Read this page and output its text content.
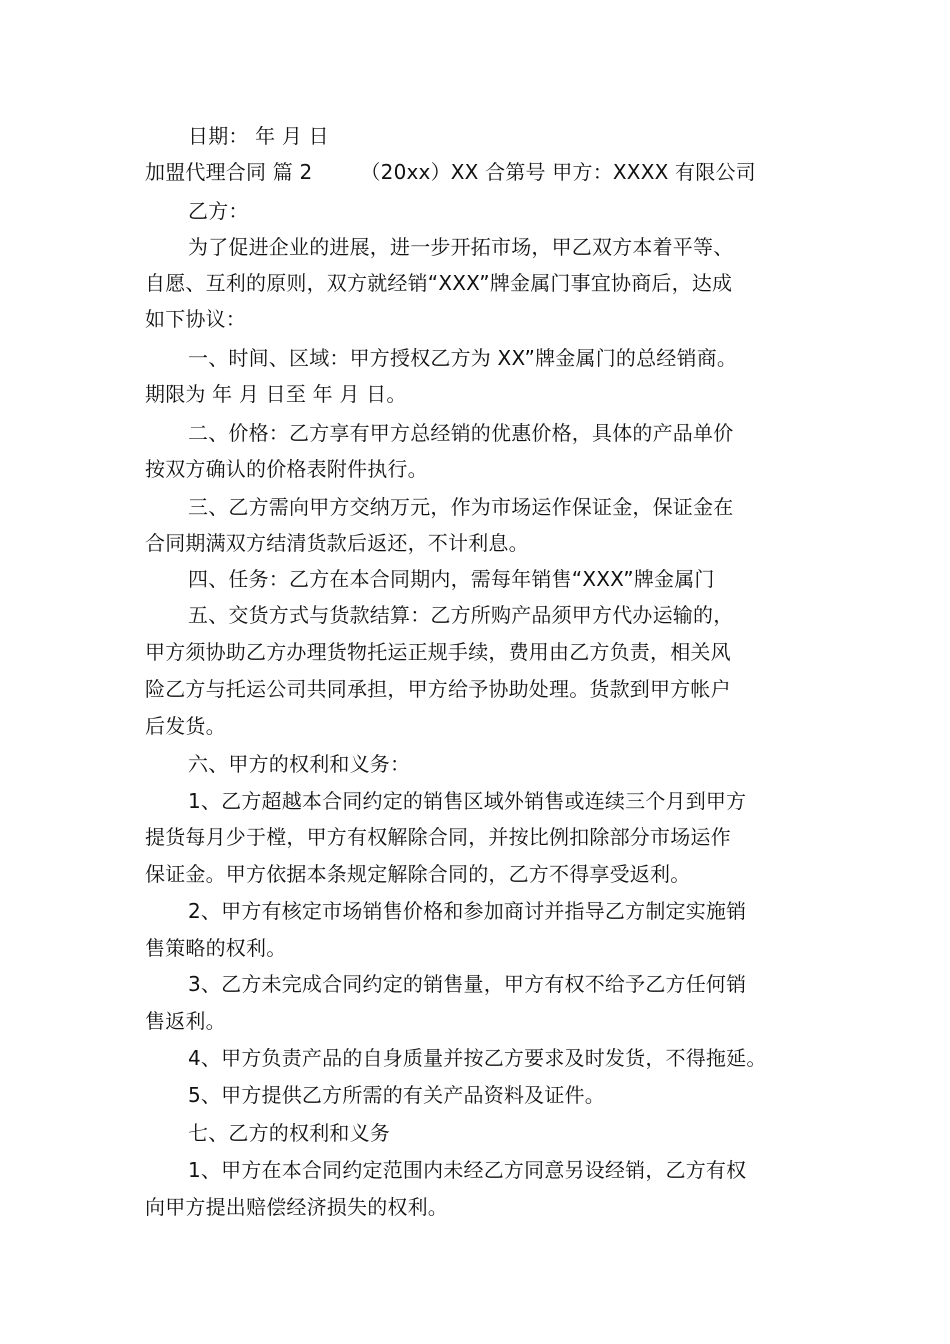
日期： 年 月 日
加盟代理合同 篇 2 （20xx）XX 合第号 甲方：XXXX 有限公司
乙方：
为了促进企业的进展，进一步开拓市场，甲乙双方本着平等、
自愿、互利的原则，双方就经销“XXX”牌金属门事宜协商后，达成
如下协议：
一、时间、区域：甲方授权乙方为 XX”牌金属门的总经销商。
期限为 年 月 日至 年 月 日。
二、价格：乙方享有甲方总经销的优惠价格，具体的产品单价
按双方确认的价格表附件执行。
三、乙方需向甲方交纳万元，作为市场运作保证金，保证金在
合同期满双方结清货款后返还，不计利息。
四、任务：乙方在本合同期内，需每年销售“XXX”牌金属门
五、交货方式与货款结算：乙方所购产品须甲方代办运输的，
甲方须协助乙方办理货物托运正规手续，费用由乙方负责，相关风
险乙方与托运公司共同承担，甲方给予协助处理。货款到甲方帐户
后发货。
六、甲方的权利和义务：
1、乙方超越本合同约定的销售区域外销售或连续三个月到甲方
提货每月少于樘，甲方有权解除合同，并按比例扣除部分市场运作
保证金。甲方依据本条规定解除合同的，乙方不得享受返利。
2、甲方有核定市场销售价格和参加商讨并指导乙方制定实施销
售策略的权利。
3、乙方未完成合同约定的销售量，甲方有权不给予乙方任何销
售返利。
4、甲方负责产品的自身质量并按乙方要求及时发货，不得拖延。
5、甲方提供乙方所需的有关产品资料及证件。
七、乙方的权利和义务
1、甲方在本合同约定范围内未经乙方同意另设经销，乙方有权
向甲方提出赔偿经济损失的权利。
